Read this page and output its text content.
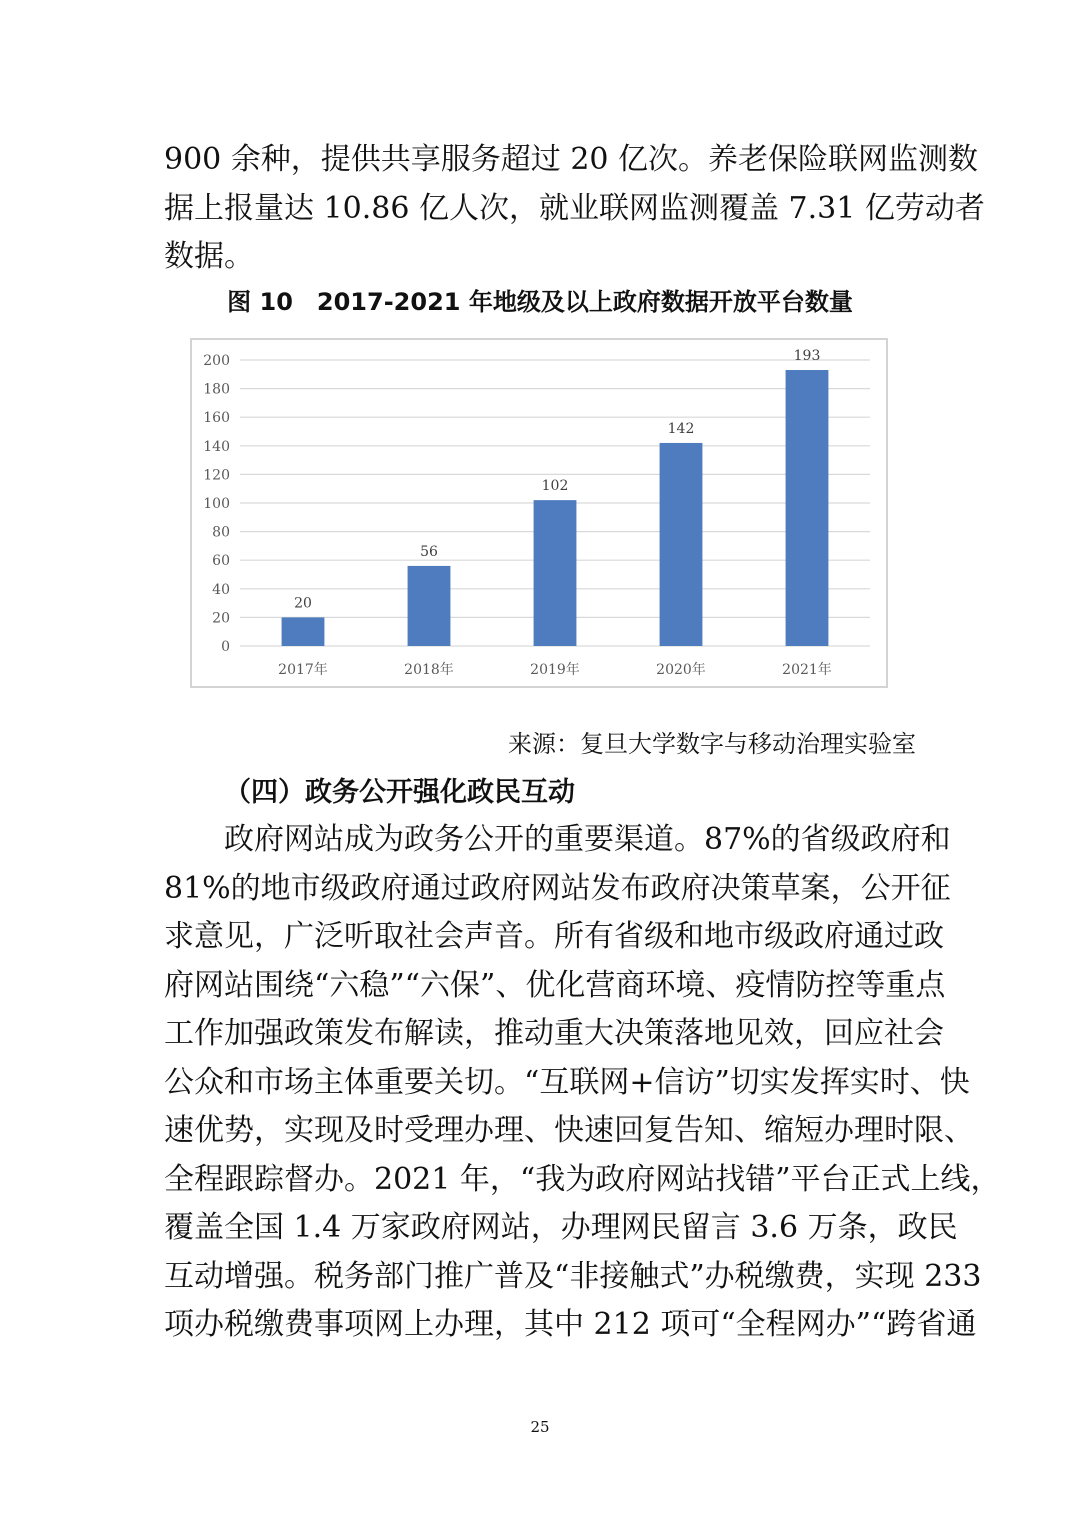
900 余种，提供共享服务超过 20 亿次。养老保险联网监测数
据上报量达 10.86 亿人次，就业联网监测覆盖 7.31 亿劳动者
数据。

图 10　2017-2021 年地级及以上政府数据开放平台数量

0
20
40
60
80
100
120
140
160
180
200
20
2017年
56
2018年
102
2019年
142
2020年
193
2021年

来源：复旦大学数字与移动治理实验室

（四）政务公开强化政民互动

政府网站成为政务公开的重要渠道。87%的省级政府和
81%的地市级政府通过政府网站发布政府决策草案，公开征
求意见，广泛听取社会声音。所有省级和地市级政府通过政
府网站围绕“六稳”“六保”、优化营商环境、疫情防控等重点
工作加强政策发布解读，推动重大决策落地见效，回应社会
公众和市场主体重要关切。“互联网+信访”切实发挥实时、快
速优势，实现及时受理办理、快速回复告知、缩短办理时限、
全程跟踪督办。2021 年，“我为政府网站找错”平台正式上线，
覆盖全国 1.4 万家政府网站，办理网民留言 3.6 万条，政民
互动增强。税务部门推广普及“非接触式”办税缴费，实现 233
项办税缴费事项网上办理，其中 212 项可“全程网办”“跨省通

25
